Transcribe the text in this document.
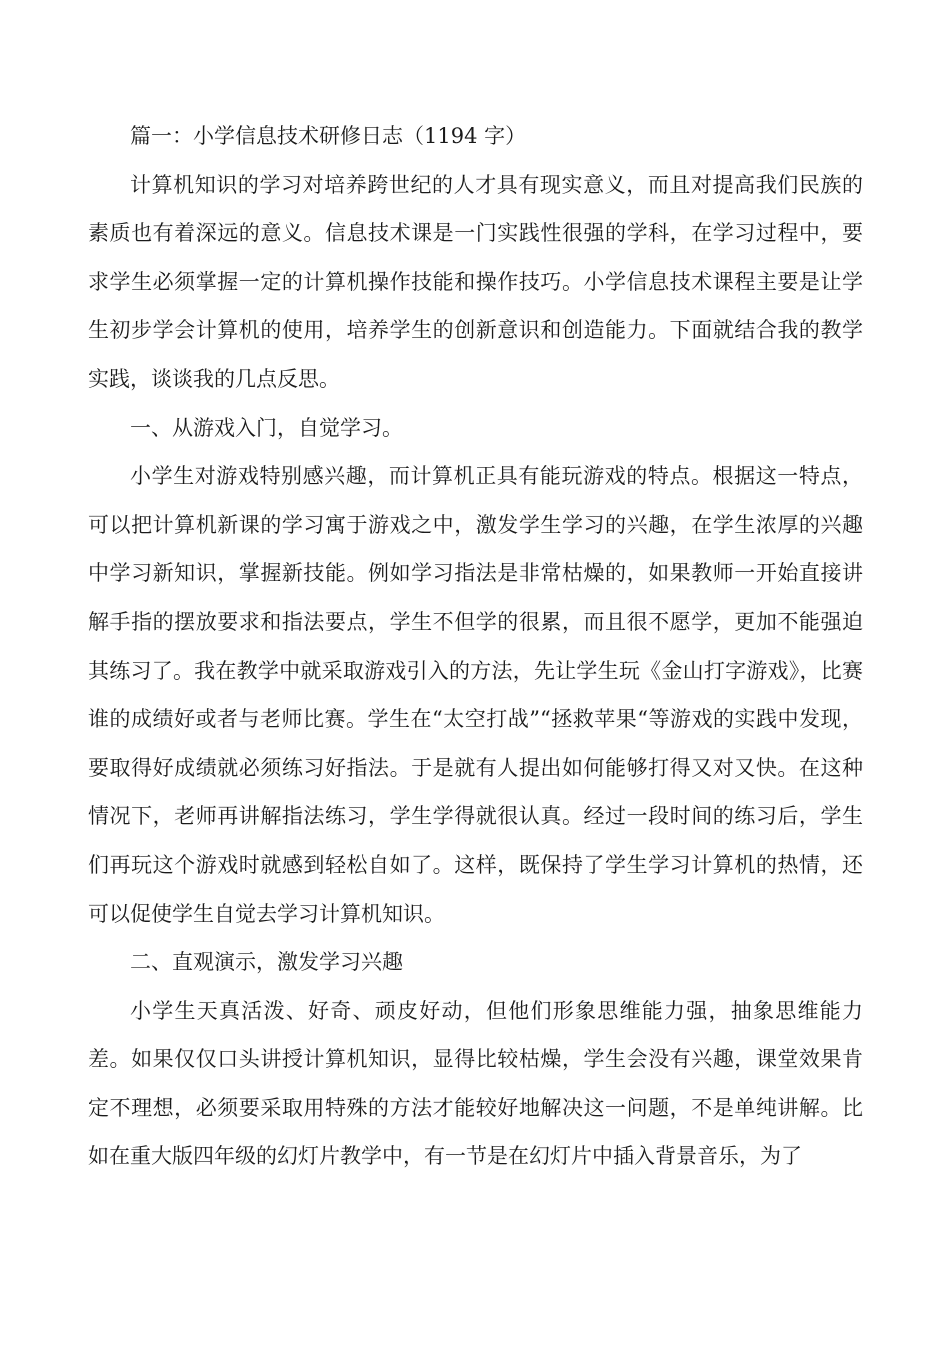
篇一：小学信息技术研修日志（1194 字）

计算机知识的学习对培养跨世纪的人才具有现实意义，而且对提高我们民族的素质也有着深远的意义。信息技术课是一门实践性很强的学科，在学习过程中，要求学生必须掌握一定的计算机操作技能和操作技巧。小学信息技术课程主要是让学生初步学会计算机的使用，培养学生的创新意识和创造能力。下面就结合我的教学实践，谈谈我的几点反思。

一、从游戏入门，自觉学习。

小学生对游戏特别感兴趣，而计算机正具有能玩游戏的特点。根据这一特点，可以把计算机新课的学习寓于游戏之中，激发学生学习的兴趣，在学生浓厚的兴趣中学习新知识，掌握新技能。例如学习指法是非常枯燥的，如果教师一开始直接讲解手指的摆放要求和指法要点，学生不但学的很累，而且很不愿学，更加不能强迫其练习了。我在教学中就采取游戏引入的方法，先让学生玩《金山打字游戏》，比赛谁的成绩好或者与老师比赛。学生在“太空打战”“拯救苹果“等游戏的实践中发现，要取得好成绩就必须练习好指法。于是就有人提出如何能够打得又对又快。在这种情况下，老师再讲解指法练习，学生学得就很认真。经过一段时间的练习后，学生们再玩这个游戏时就感到轻松自如了。这样，既保持了学生学习计算机的热情，还可以促使学生自觉去学习计算机知识。

二、直观演示，激发学习兴趣

小学生天真活泼、好奇、顽皮好动，但他们形象思维能力强，抽象思维能力差。如果仅仅口头讲授计算机知识，显得比较枯燥，学生会没有兴趣，课堂效果肯定不理想，必须要采取用特殊的方法才能较好地解决这一问题，不是单纯讲解。比如在重大版四年级的幻灯片教学中，有一节是在幻灯片中插入背景音乐，为了
